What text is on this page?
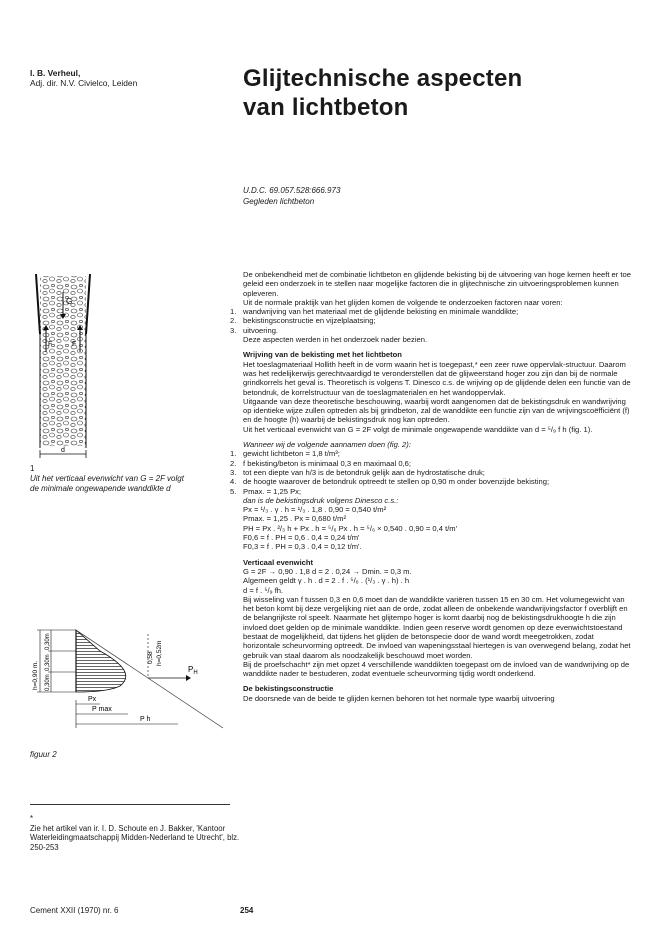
I. B. Verheul,
Adj. dir. N.V. Civielco, Leiden	Glijtechnische aspecten
van lichtbeton
U.D.C. 69.057.528:666.973
Gegleden lichtbeton
G
F	F
d
1
Uit het verticaal evenwicht van G = 2F volgt
de minimale ongewapende wanddikte d
$P_H$
0,58 h=0,52m
h=0,90 m.
0,30m
0,30m
0,30m
Px
P max
P h
figuur 2
*
Zie het artikel van ir. I. D. Schoute en J. Bakker, 'Kantoor Waterleidingmaatschappij Midden-Nederland te Utrecht', blz. 250-253

De onbekendheid met de combinatie lichtbeton en glijdende bekisting bij de uitvoering van hoge kernen heeft er toe geleid een onderzoek in te stellen naar mogelijke factoren die in glijtechnische zin uitvoeringsproblemen kunnen opleveren.

Uit de normale praktijk van het glijden komen de volgende te onderzoeken factoren naar voren:

1. wandwrijving van het materiaal met de glijdende bekisting en minimale wanddikte;
2. bekistingsconstructie en vijzelplaatsing;
3. uitvoering.

Deze aspecten werden in het onderzoek nader bezien.

Wrijving van de bekisting met het lichtbeton

Het toeslagmateriaal Hollith heeft in de vorm waarin het is toegepast,* een zeer ruwe oppervlak-structuur. Daarom was het redelijkerwijs gerechtvaardigd te veronderstellen dat de glijweerstand hoger zou zijn dan bij de normale grindkorrels het geval is. Theoretisch is volgens T. Dinesco c.s. de wrijving op de glijdende delen een functie van de betondruk, de korrelstructuur van de toeslagmaterialen en het wandoppervlak.

Uitgaande van deze theoretische beschouwing, waarbij wordt aangenomen dat de bekistingsdruk en wandwrijving op identieke wijze zullen optreden als bij grindbeton, zal de wanddikte een functie zijn van de wrijvingscoëfficiënt (f) en de hoogte (h) waarbij de bekistingsdruk nog kan optreden.

Uit het verticaal evenwicht van G = 2F volgt de minimale ongewapende wanddikte van d = ⁵/₉ f h (fig. 1).

Wanneer wij de volgende aannamen doen (fig. 2):

1. gewicht lichtbeton = 1,8 t/m³;
2. f bekisting/beton is minimaal 0,3 en maximaal 0,6;
3. tot een diepte van h/3 is de betondruk gelijk aan de hydrostatische druk;
4. de hoogte waarover de betondruk optreedt te stellen op 0,90 m onder bovenzijde bekisting;
5. Pmax. = 1,25 Px;

dan is de bekistingsdruk volgens Dinesco c.s.:

Px = ¹/₃ . γ . h = ¹/₃ . 1,8 . 0,90 = 0,540 t/m²

Pmax. = 1,25 . Px = 0,680 t/m²

PH = Px . ²/₃ h + Px . h = ⁵/₆ Px . h = ⁵/₆ × 0,540 . 0,90 = 0,4 t/m'

F0,6 = f . PH = 0,6 . 0,4 = 0,24 t/m'

F0,3 = f . PH = 0,3 . 0,4 = 0,12 t/m'.

Verticaal evenwicht

G = 2F → 0,90 . 1,8 d = 2 . 0,24 → Dmin. = 0,3 m.

Algemeen geldt γ . h . d = 2 . f . ⁵/₆ . (¹/₃ . γ . h) . h

d = f . ⁵/₉ fh.

Bij wisseling van f tussen 0,3 en 0,6 moet dan de wanddikte variëren tussen 15 en 30 cm. Het volumegewicht van het beton komt bij deze vergelijking niet aan de orde, zodat alleen de onbekende wandwrijvingsfactor f overblijft en de belangrijkste rol speelt. Naarmate het glijtempo hoger is komt daarbij nog de bekistingsdrukhoogte h die zijn invloed doet gelden op de minimale wanddikte. Indien geen reserve wordt genomen op deze evenwichtstoestand bestaat de mogelijkheid, dat tijdens het glijden de betonspecie door de wand wordt meegetrokken, zodat horizontale scheurvorming optreedt. De invloed van wapeningsstaal hiertegen is van overwegend belang, zodat het gebruik van staal daarom als noodzakelijk beschouwd moet worden.

Bij de proefschacht* zijn met opzet 4 verschillende wanddikten toegepast om de invloed van de wandwrijving op de wanddikte nader te bestuderen, zodat eventuele scheurvorming tijdig wordt onderkend.

De bekistingsconstructie

De doorsnede van de beide te glijden kernen behoren tot het normale type waarbij uitvoering

Cement XXII (1970) nr. 6	254
